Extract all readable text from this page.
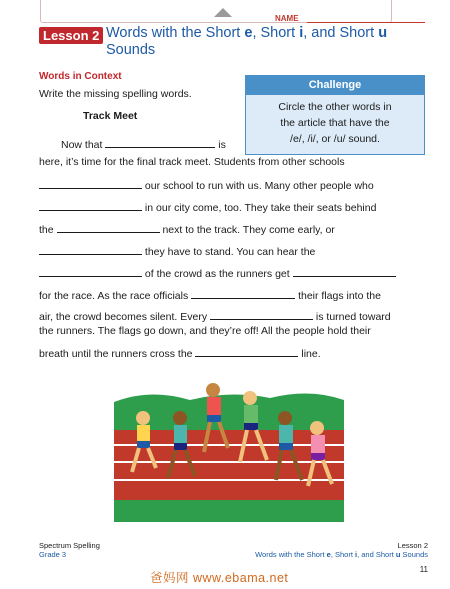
NAME
Lesson 2 Words with the Short e, Short i, and Short u Sounds
Words in Context
Write the missing spelling words.
Track Meet
Challenge
Circle the other words in
the article that have the
/e/, /i/, or /u/ sound.
Now that	is
here, it’s time for the final track meet. Students from other schools
our school to run with us. Many other people who
in our city come, too. They take their seats behind
the	next to the track. They come early, or
they have to stand. You can hear the
of the crowd as the runners get
for the race. As the race officials	their flags into the
air, the crowd becomes silent. Every	is turned toward
the runners. The flags go down, and they’re off! All the people hold their
breath until the runners cross the	line.
Spectrum Spelling
Grade 3
Lesson 2
Words with the Short e, Short i, and Short u Sounds
11
爸妈网 www.ebama.net
